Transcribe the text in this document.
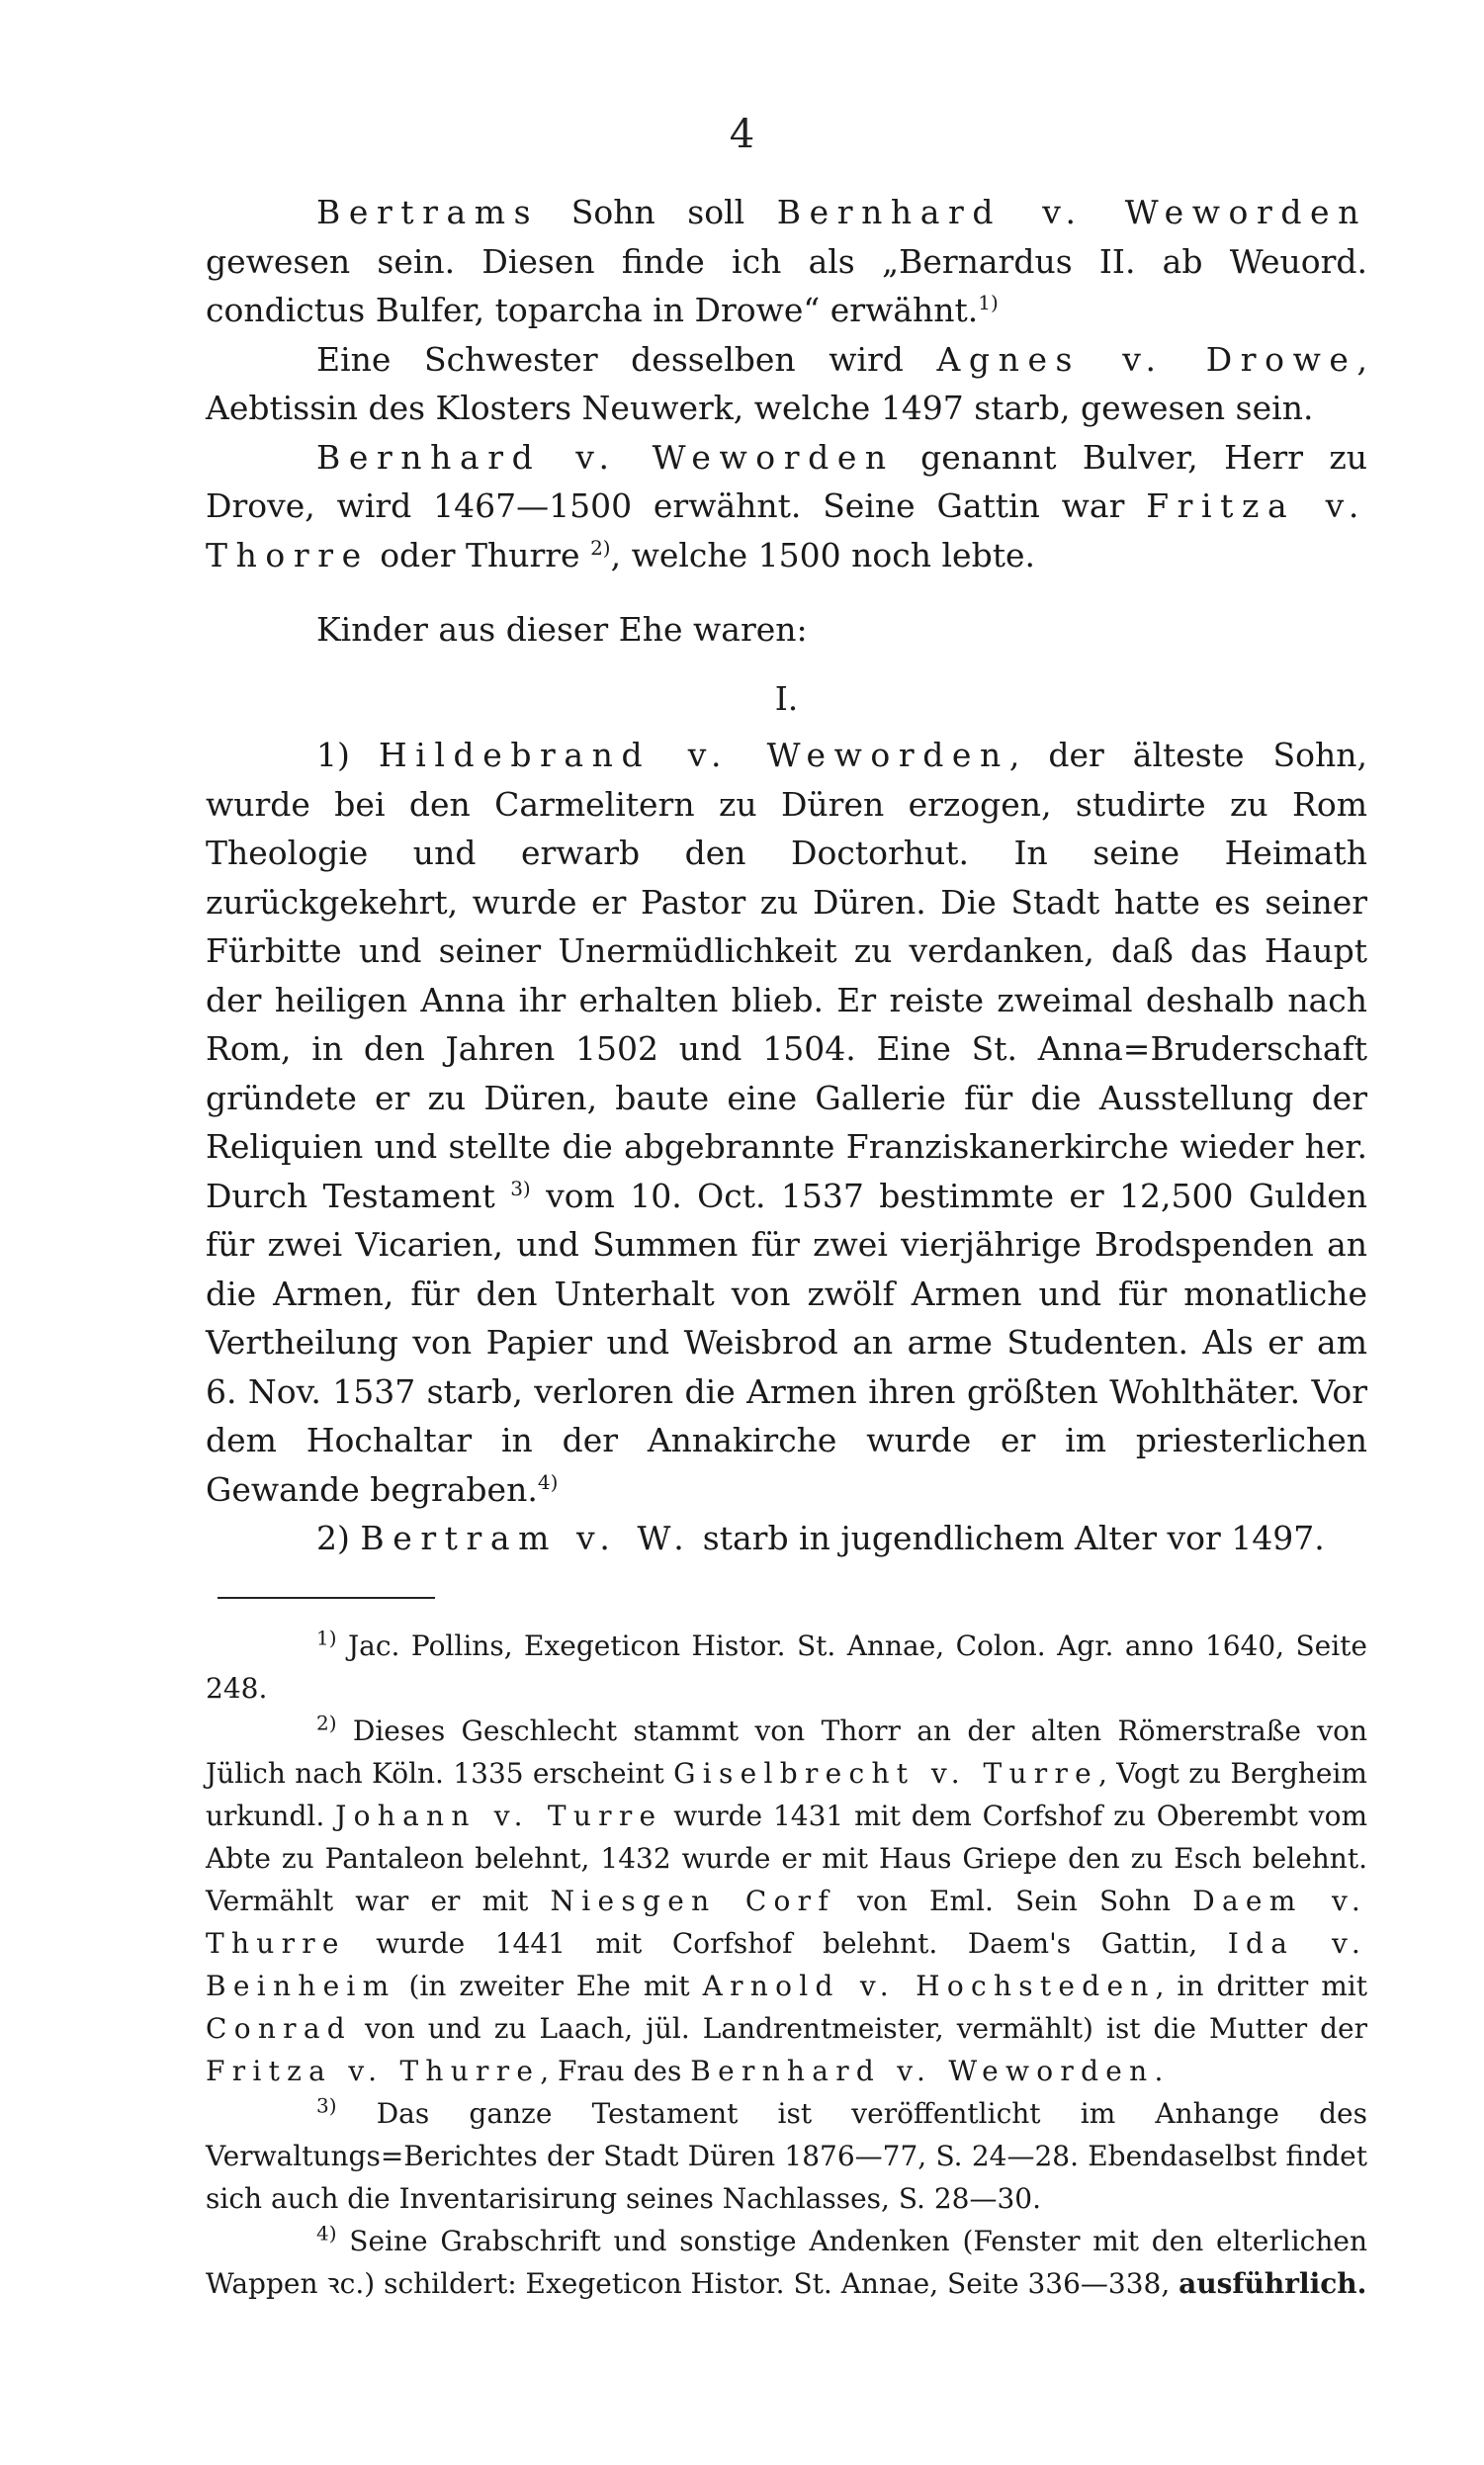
4

Bertrams Sohn soll Bernhard v. Weworden gewesen sein. Diesen finde ich als „Bernardus II. ab Weuord. condictus Bulfer, toparcha in Drowe“ erwähnt.$^{1)}$

Eine Schwester desselben wird Agnes v. Drowe, Aebtissin des Klosters Neuwerk, welche 1497 starb, gewesen sein.

Bernhard v. Weworden genannt Bulver, Herr zu Drove, wird 1467—1500 erwähnt. Seine Gattin war Fritza v. Thorre oder Thurre $^{2)}$, welche 1500 noch lebte.

Kinder aus dieser Ehe waren:

I.

1) Hildebrand v. Weworden, der älteste Sohn, wurde bei den Carmelitern zu Düren erzogen, studirte zu Rom Theologie und erwarb den Doctorhut. In seine Heimath zurückgekehrt, wurde er Pastor zu Düren. Die Stadt hatte es seiner Fürbitte und seiner Unermüdlichkeit zu verdanken, daß das Haupt der heiligen Anna ihr erhalten blieb. Er reiste zweimal deshalb nach Rom, in den Jahren 1502 und 1504. Eine St. Anna=Bruderschaft gründete er zu Düren, baute eine Gallerie für die Ausstellung der Reliquien und stellte die abgebrannte Franziskanerkirche wieder her. Durch Testament $^{3)}$ vom 10. Oct. 1537 bestimmte er 12,500 Gulden für zwei Vicarien, und Summen für zwei vierjährige Brodspenden an die Armen, für den Unterhalt von zwölf Armen und für monatliche Vertheilung von Papier und Weisbrod an arme Studenten. Als er am 6. Nov. 1537 starb, verloren die Armen ihren größten Wohlthäter. Vor dem Hochaltar in der Annakirche wurde er im priesterlichen Gewande begraben.$^{4)}$

2) Bertram v. W. starb in jugendlichem Alter vor 1497.

$^{1)}$ Jac. Pollins, Exegeticon Histor. St. Annae, Colon. Agr. anno 1640, Seite 248.

$^{2)}$ Dieses Geschlecht stammt von Thorr an der alten Römerstraße von Jülich nach Köln. 1335 erscheint Giselbrecht v. Turre, Vogt zu Bergheim urkundl. Johann v. Turre wurde 1431 mit dem Corfshof zu Oberembt vom Abte zu Pantaleon belehnt, 1432 wurde er mit Haus Griepe den zu Esch belehnt. Vermählt war er mit Niesgen Corf von Eml. Sein Sohn Daem v. Thurre wurde 1441 mit Corfshof belehnt. Daem's Gattin, Ida v. Beinheim (in zweiter Ehe mit Arnold v. Hochsteden, in dritter mit Conrad von und zu Laach, jül. Landrentmeister, vermählt) ist die Mutter der Fritza v. Thurre, Frau des Bernhard v. Weworden.

$^{3)}$ Das ganze Testament ist veröffentlicht im Anhange des Verwaltungs=Berichtes der Stadt Düren 1876—77, S. 24—28. Ebendaselbst findet sich auch die Inventarisirung seines Nachlasses, S. 28—30.

$^{4)}$ Seine Grabschrift und sonstige Andenken (Fenster mit den elterlichen Wappen ꝛc.) schildert: Exegeticon Histor. St. Annae, Seite 336—338, ausführlich.
